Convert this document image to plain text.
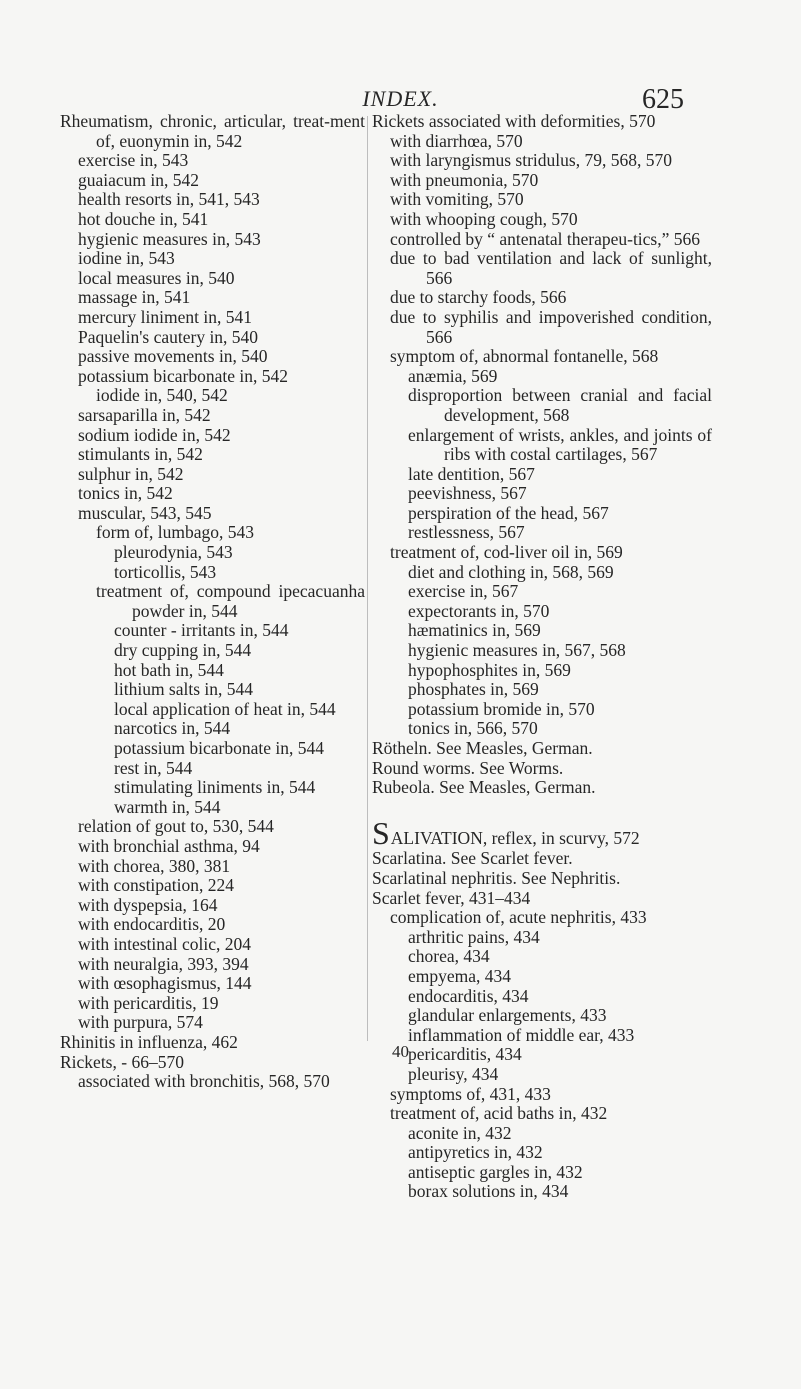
INDEX.	625
Rheumatism, chronic, articular, treat-ment of, euonymin in, 542
exercise in, 543
guaiacum in, 542
health resorts in, 541, 543
hot douche in, 541
hygienic measures in, 543
iodine in, 543
local measures in, 540
massage in, 541
mercury liniment in, 541
Paquelin's cautery in, 540
passive movements in, 540
potassium bicarbonate in, 542
iodide in, 540, 542
sarsaparilla in, 542
sodium iodide in, 542
stimulants in, 542
sulphur in, 542
tonics in, 542
muscular, 543, 545
form of, lumbago, 543
pleurodynia, 543
torticollis, 543
treatment of, compound ipecacuanha powder in, 544
counter - irritants in, 544
dry cupping in, 544
hot bath in, 544
lithium salts in, 544
local application of heat in, 544
narcotics in, 544
potassium bicarbonate in, 544
rest in, 544
stimulating liniments in, 544
warmth in, 544
relation of gout to, 530, 544
with bronchial asthma, 94
with chorea, 380, 381
with constipation, 224
with dyspepsia, 164
with endocarditis, 20
with intestinal colic, 204
with neuralgia, 393, 394
with œsophagismus, 144
with pericarditis, 19
with purpura, 574
Rhinitis in influenza, 462
Rickets, - 66–570
associated with bronchitis, 568, 570
Rickets associated with deformities, 570
with diarrhœa, 570
with laryngismus stridulus, 79, 568, 570
with pneumonia, 570
with vomiting, 570
with whooping cough, 570
controlled by “ antenatal therapeu-tics,” 566
due to bad ventilation and lack of sunlight, 566
due to starchy foods, 566
due to syphilis and impoverished condition, 566
symptom of, abnormal fontanelle, 568
anæmia, 569
disproportion between cranial and facial development, 568
enlargement of wrists, ankles, and joints of ribs with costal cartilages, 567
late dentition, 567
peevishness, 567
perspiration of the head, 567
restlessness, 567
treatment of, cod-liver oil in, 569
diet and clothing in, 568, 569
exercise in, 567
expectorants in, 570
hæmatinics in, 569
hygienic measures in, 567, 568
hypophosphites in, 569
phosphates in, 569
potassium bromide in, 570
tonics in, 566, 570
Rötheln. See Measles, German.
Round worms. See Worms.
Rubeola. See Measles, German.
SALIVATION, reflex, in scurvy, 572
Scarlatina. See Scarlet fever.
Scarlatinal nephritis. See Nephritis.
Scarlet fever, 431–434
complication of, acute nephritis, 433
arthritic pains, 434
chorea, 434
empyema, 434
endocarditis, 434
glandular enlargements, 433
inflammation of middle ear, 433
pericarditis, 434
pleurisy, 434
symptoms of, 431, 433
treatment of, acid baths in, 432
aconite in, 432
antipyretics in, 432
antiseptic gargles in, 432
borax solutions in, 434
40
